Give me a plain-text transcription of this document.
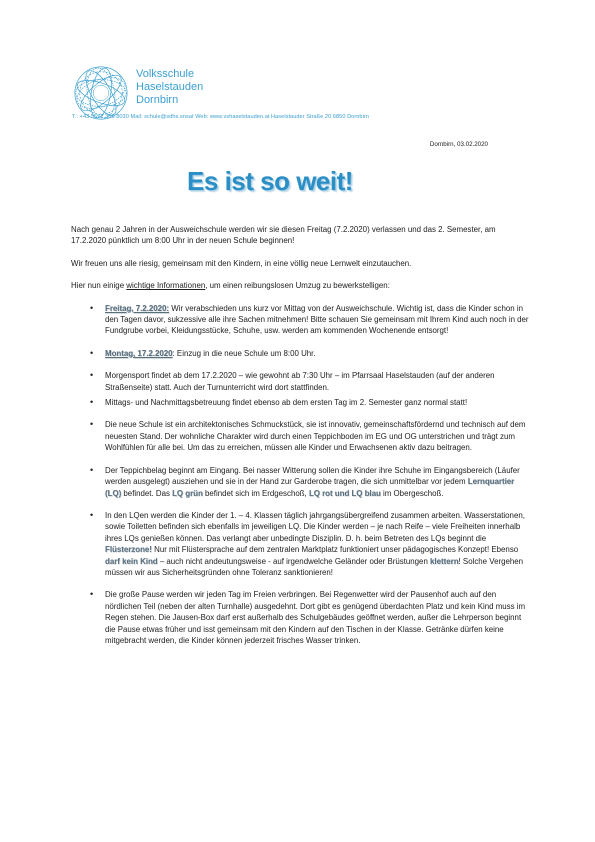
Volksschule
Haselstauden
Dornbirn
T.: +43 5572 306 8030 Mail: schule@sdhs.snsat Web: www.vshaselstauden.at Haselstauder Straße 20 6850 Dornbirn
Dornbirn, 03.02.2020
Es ist so weit!

Nach genau 2 Jahren in der Ausweichschule werden wir sie diesen Freitag (7.2.2020) verlassen und das 2. Semester, am 17.2.2020 pünktlich um 8:00 Uhr in der neuen Schule beginnen!

Wir freuen uns alle riesig, gemeinsam mit den Kindern, in eine völlig neue Lernwelt einzutauchen.

Hier nun einige wichtige Informationen, um einen reibungslosen Umzug zu bewerkstelligen:

• Freitag, 7.2.2020: Wir verabschieden uns kurz vor Mittag von der Ausweichschule. Wichtig ist, dass die Kinder schon in den Tagen davor, sukzessive alle ihre Sachen mitnehmen! Bitte schauen Sie gemeinsam mit Ihrem Kind auch noch in der Fundgrube vorbei, Kleidungsstücke, Schuhe, usw. werden am kommenden Wochenende entsorgt!
• Montag, 17.2.2020: Einzug in die neue Schule um 8:00 Uhr.
• Morgensport findet ab dem 17.2.2020 – wie gewohnt ab 7:30 Uhr – im Pfarrsaal Haselstauden (auf der anderen Straßenseite) statt. Auch der Turnunterricht wird dort stattfinden.
• Mittags- und Nachmittagsbetreuung findet ebenso ab dem ersten Tag im 2. Semester ganz normal statt!
• Die neue Schule ist ein architektonisches Schmuckstück, sie ist innovativ, gemeinschaftsfördernd und technisch auf dem neuesten Stand. Der wohnliche Charakter wird durch einen Teppichboden im EG und OG unterstrichen und trägt zum Wohlfühlen für alle bei. Um das zu erreichen, müssen alle Kinder und Erwachsenen aktiv dazu beitragen.
• Der Teppichbelag beginnt am Eingang. Bei nasser Witterung sollen die Kinder ihre Schuhe im Eingangsbereich (Läufer werden ausgelegt) ausziehen und sie in der Hand zur Garderobe tragen, die sich unmittelbar vor jedem Lernquartier (LQ) befindet. Das LQ grün befindet sich im Erdgeschoß, LQ rot und LQ blau im Obergeschoß.
• In den LQen werden die Kinder der 1. – 4. Klassen täglich jahrgangsübergreifend zusammen arbeiten. Wasserstationen, sowie Toiletten befinden sich ebenfalls im jeweiligen LQ. Die Kinder werden – je nach Reife – viele Freiheiten innerhalb ihres LQs genießen können. Das verlangt aber unbedingte Disziplin. D. h. beim Betreten des LQs beginnt die Flüsterzone! Nur mit Flüstersprache auf dem zentralen Marktplatz funktioniert unser pädagogisches Konzept! Ebenso darf kein Kind – auch nicht andeutungsweise - auf irgendwelche Geländer oder Brüstungen klettern! Solche Vergehen müssen wir aus Sicherheitsgründen ohne Toleranz sanktionieren!
• Die große Pause werden wir jeden Tag im Freien verbringen. Bei Regenwetter wird der Pausenhof auch auf den nördlichen Teil (neben der alten Turnhalle) ausgedehnt. Dort gibt es genügend überdachten Platz und kein Kind muss im Regen stehen. Die Jausen-Box darf erst außerhalb des Schulgebäudes geöffnet werden, außer die Lehrperson beginnt die Pause etwas früher und isst gemeinsam mit den Kindern auf den Tischen in der Klasse. Getränke dürfen keine mitgebracht werden, die Kinder können jederzeit frisches Wasser trinken.
